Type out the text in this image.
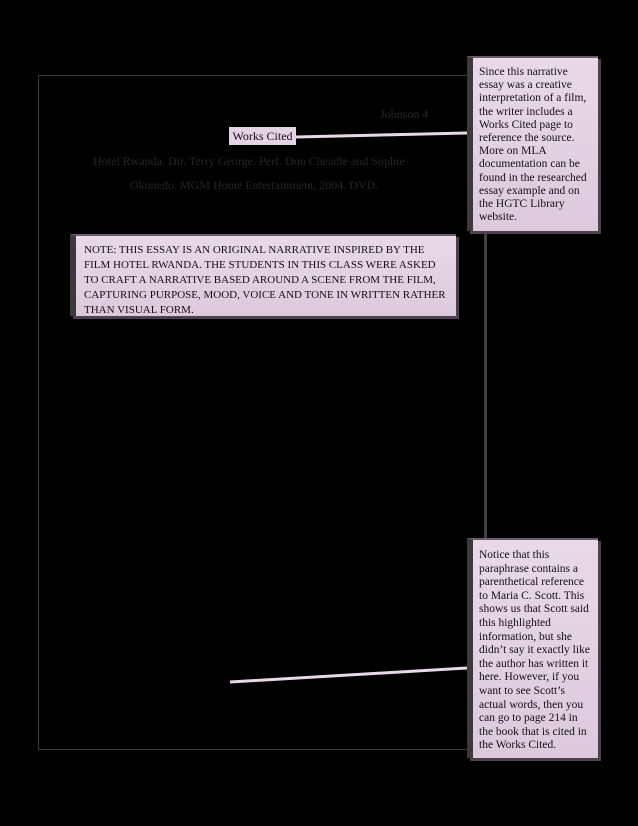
Johnson 4
Works Cited
Hotel Rwanda. Dir. Terry George. Perf. Don Cheadle and Sophie
Okonedo. MGM Home Entertainment, 2004. DVD.
Since this narrative essay was a creative interpretation of a film, the writer includes a Works Cited page to reference the source. More on MLA documentation can be found in the researched essay example and on the HGTC Library website.
NOTE: THIS ESSAY IS AN ORIGINAL NARRATIVE INSPIRED BY THE FILM HOTEL RWANDA. THE STUDENTS IN THIS CLASS WERE ASKED TO CRAFT A NARRATIVE BASED AROUND A SCENE FROM THE FILM, CAPTURING PURPOSE, MOOD, VOICE AND TONE IN WRITTEN RATHER THAN VISUAL FORM.
Notice that this paraphrase contains a parenthetical reference to Maria C. Scott. This shows us that Scott said this highlighted information, but she didn’t say it exactly like the author has written it here. However, if you want to see Scott’s actual words, then you can go to page 214 in the book that is cited in the Works Cited.
